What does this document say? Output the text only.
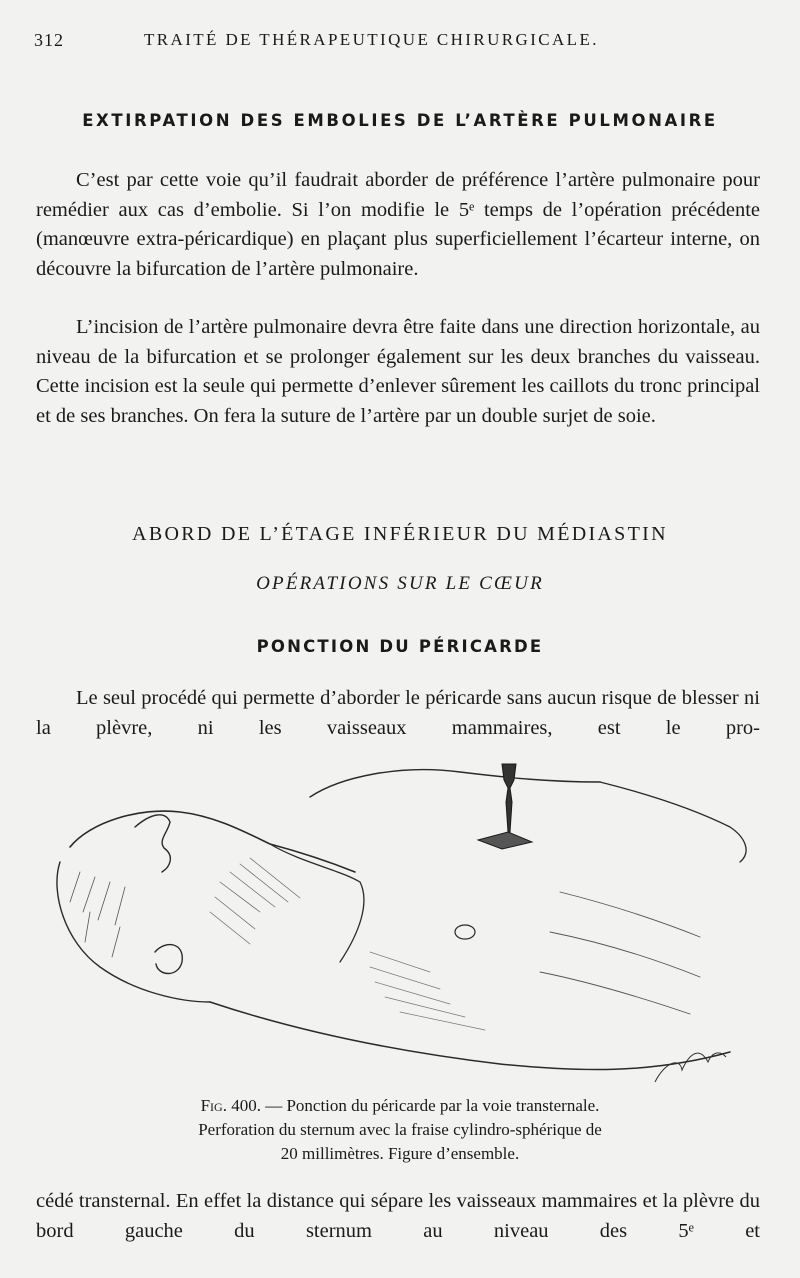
312	TRAITÉ DE THÉRAPEUTIQUE CHIRURGICALE.
EXTIRPATION DES EMBOLIES DE L’ARTÈRE PULMONAIRE

C’est par cette voie qu’il faudrait aborder de préférence l’artère pulmonaire pour remédier aux cas d’embolie. Si l’on modifie le 5ᵉ temps de l’opération précédente (manœuvre extra-péricardique) en plaçant plus superficiellement l’écarteur interne, on découvre la bifurcation de l’artère pulmonaire.

L’incision de l’artère pulmonaire devra être faite dans une direction horizontale, au niveau de la bifurcation et se prolonger également sur les deux branches du vaisseau. Cette incision est la seule qui permette d’enlever sûrement les caillots du tronc principal et de ses branches. On fera la suture de l’artère par un double surjet de soie.

ABORD DE L’ÉTAGE INFÉRIEUR DU MÉDIASTIN
OPÉRATIONS SUR LE CŒUR
PONCTION DU PÉRICARDE

Le seul procédé qui permette d’aborder le péricarde sans aucun risque de blesser ni la plèvre, ni les vaisseaux mammaires, est le pro-

Fig. 400. — Ponction du péricarde par la voie transternale.
Perforation du sternum avec la fraise cylindro-sphérique de
20 millimètres. Figure d’ensemble.

cédé transternal. En effet la distance qui sépare les vaisseaux mammaires et la plèvre du bord gauche du sternum au niveau des 5ᵉ et
